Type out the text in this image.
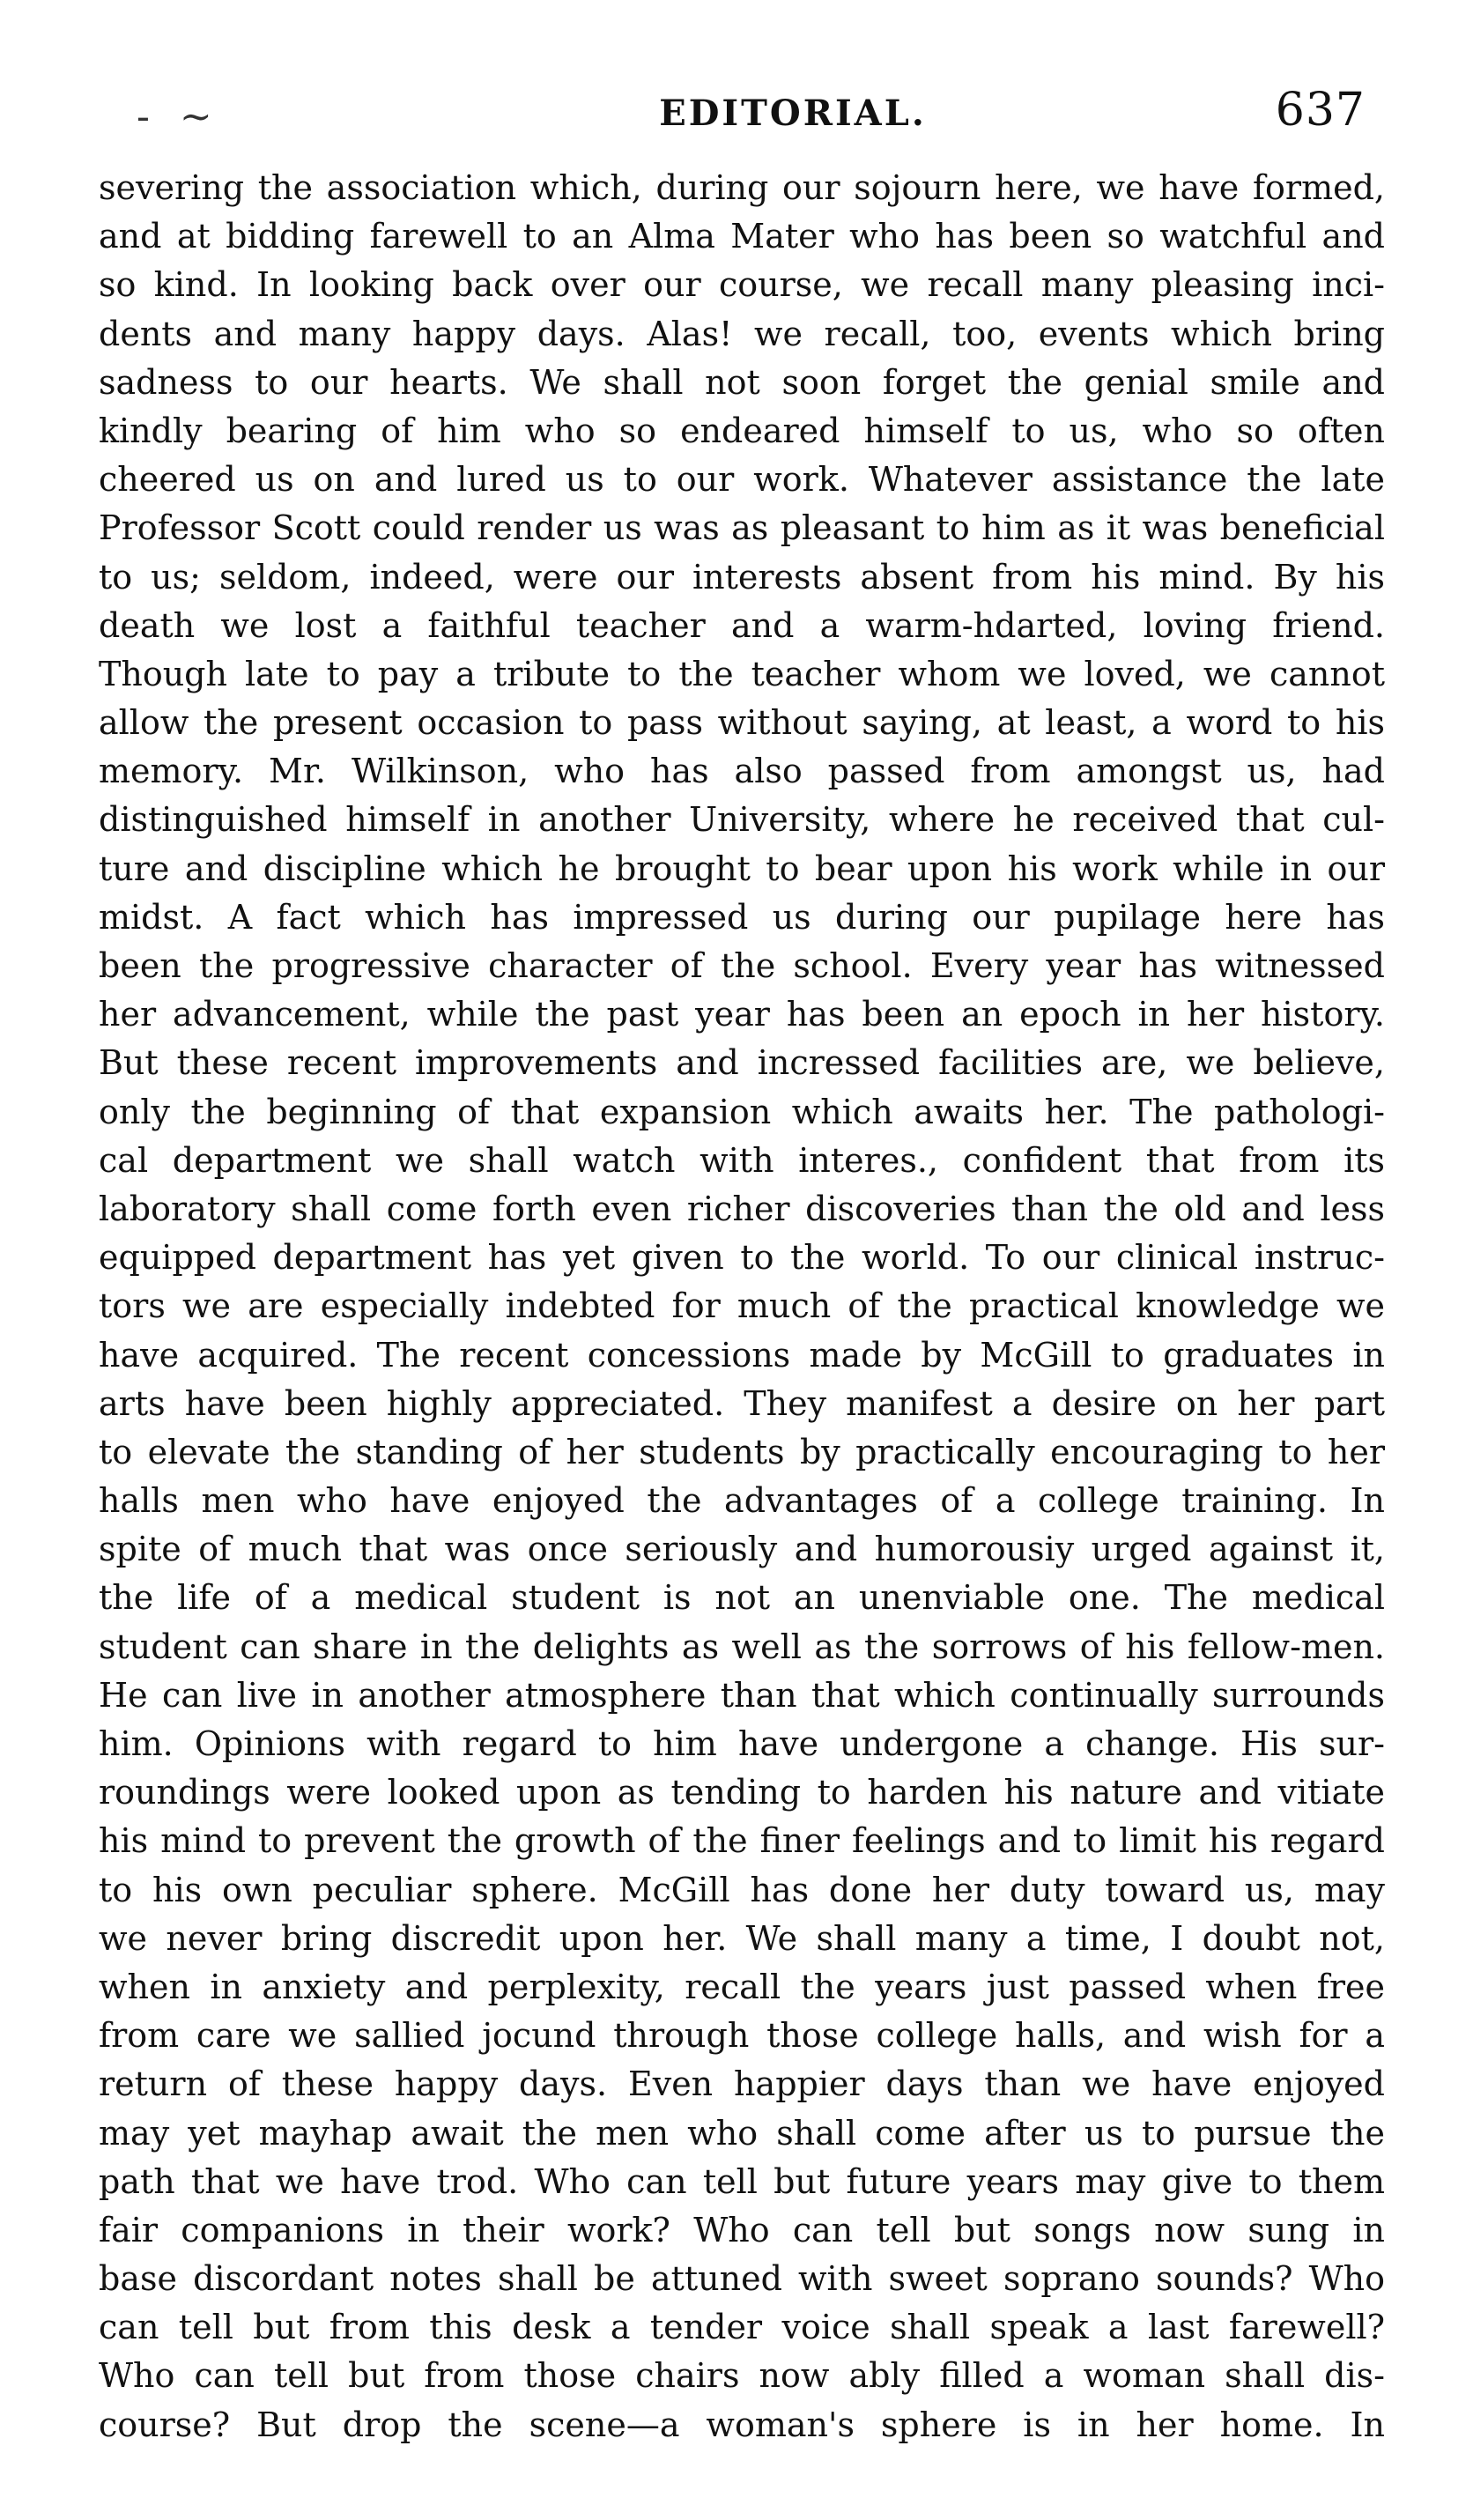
- ~	EDITORIAL.	637
severing the association which, during our sojourn here, we have formed,
and at bidding farewell to an Alma Mater who has been so watchful and
so kind. In looking back over our course, we recall many pleasing inci-
dents and many happy days. Alas! we recall, too, events which bring
sadness to our hearts. We shall not soon forget the genial smile and
kindly bearing of him who so endeared himself to us, who so often
cheered us on and lured us to our work. Whatever assistance the late
Professor Scott could render us was as pleasant to him as it was beneficial
to us; seldom, indeed, were our interests absent from his mind. By his
death we lost a faithful teacher and a warm-hdarted, loving friend.
Though late to pay a tribute to the teacher whom we loved, we cannot
allow the present occasion to pass without saying, at least, a word to his
memory. Mr. Wilkinson, who has also passed from amongst us, had
distinguished himself in another University, where he received that cul-
ture and discipline which he brought to bear upon his work while in our
midst. A fact which has impressed us during our pupilage here has
been the progressive character of the school. Every year has witnessed
her advancement, while the past year has been an epoch in her history.
But these recent improvements and incressed facilities are, we believe,
only the beginning of that expansion which awaits her. The pathologi-
cal department we shall watch with interes., confident that from its
laboratory shall come forth even richer discoveries than the old and less
equipped department has yet given to the world. To our clinical instruc-
tors we are especially indebted for much of the practical knowledge we
have acquired. The recent concessions made by McGill to graduates in
arts have been highly appreciated. They manifest a desire on her part
to elevate the standing of her students by practically encouraging to her
halls men who have enjoyed the advantages of a college training. In
spite of much that was once seriously and humorousiy urged against it,
the life of a medical student is not an unenviable one. The medical
student can share in the delights as well as the sorrows of his fellow-men.
He can live in another atmosphere than that which continually surrounds
him. Opinions with regard to him have undergone a change. His sur-
roundings were looked upon as tending to harden his nature and vitiate
his mind to prevent the growth of the finer feelings and to limit his regard
to his own peculiar sphere. McGill has done her duty toward us, may
we never bring discredit upon her. We shall many a time, I doubt not,
when in anxiety and perplexity, recall the years just passed when free
from care we sallied jocund through those college halls, and wish for a
return of these happy days. Even happier days than we have enjoyed
may yet mayhap await the men who shall come after us to pursue the
path that we have trod. Who can tell but future years may give to them
fair companions in their work? Who can tell but songs now sung in
base discordant notes shall be attuned with sweet soprano sounds? Who
can tell but from this desk a tender voice shall speak a last farewell?
Who can tell but from those chairs now ably filled a woman shall dis-
course? But drop the scene—a woman's sphere is in her home. In
